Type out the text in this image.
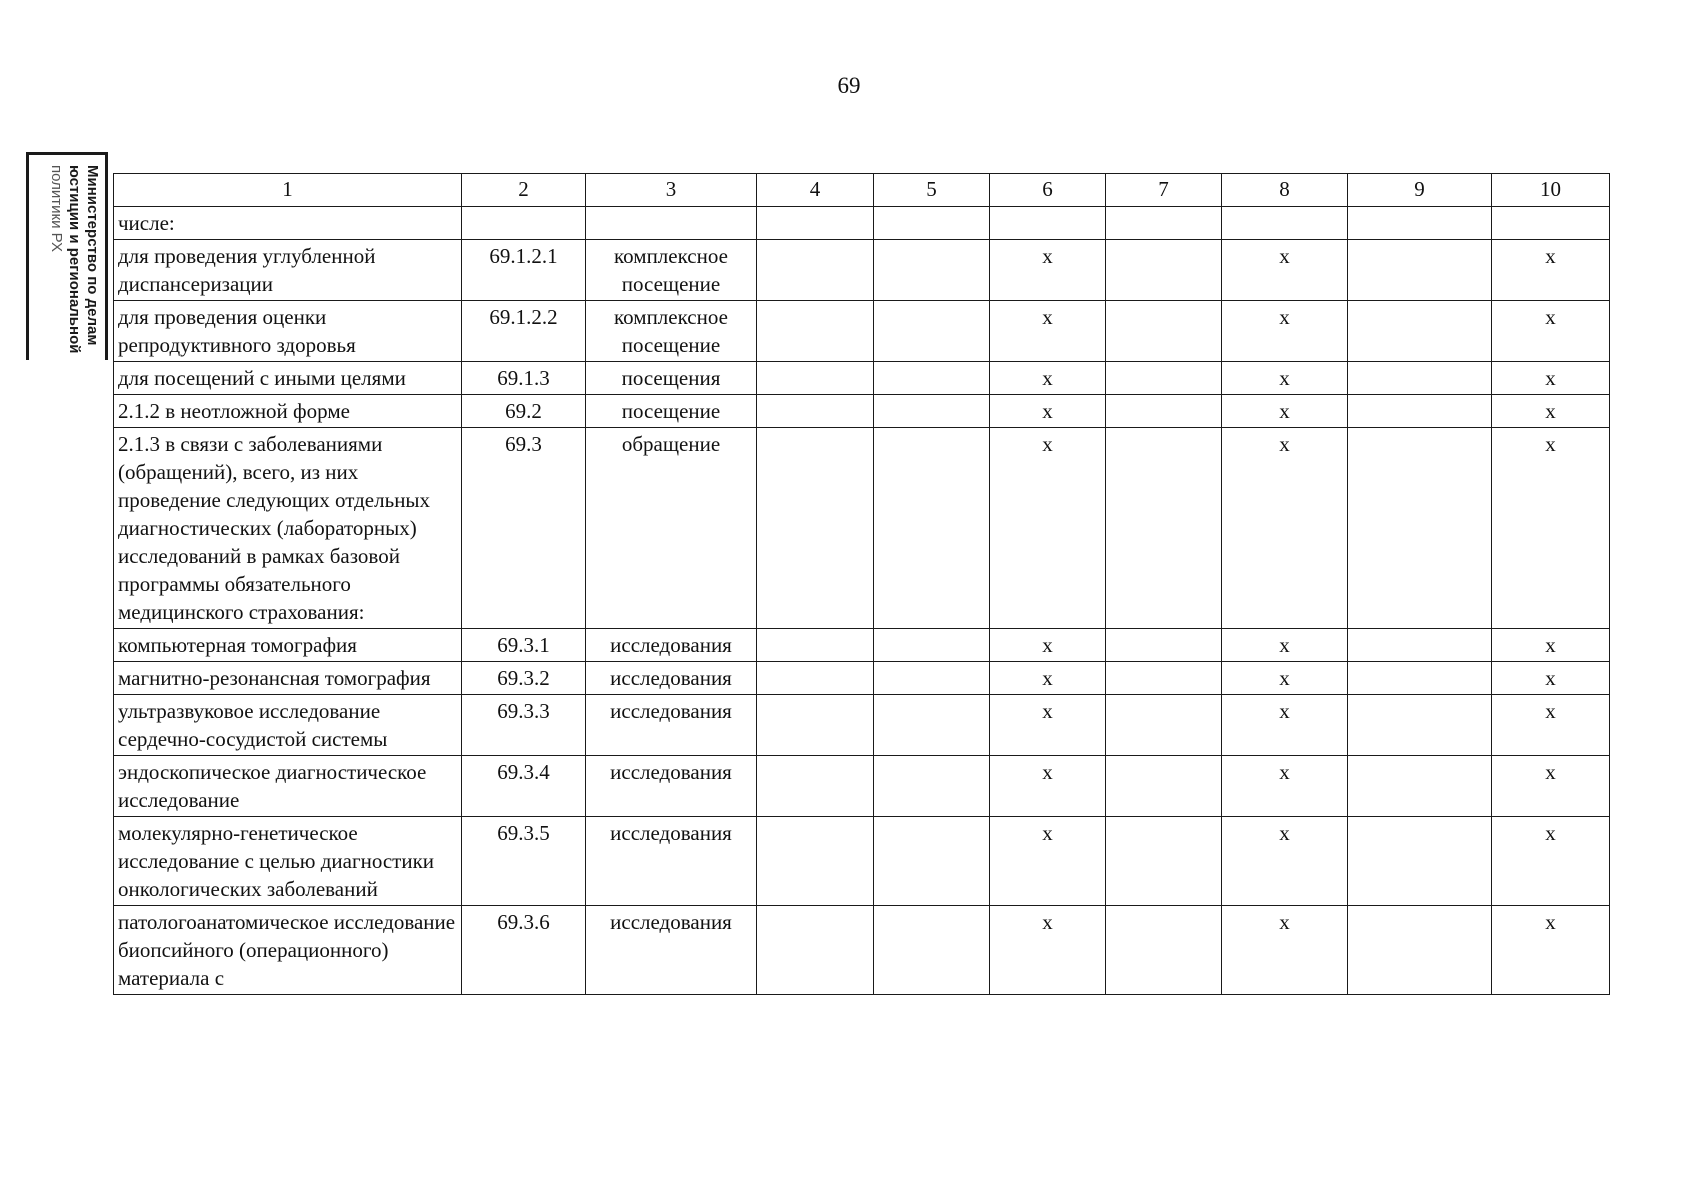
69
Министерство по делам
юстиции и региональной
политики РХ	1	2	3	4	5	6	7	8	9	10
числе:									
для проведения углубленной диспансеризации	69.1.2.1	комплексное посещение			х		х		х
для проведения оценки репродуктивного здоровья	69.1.2.2	комплексное посещение			х		х		х
для посещений с иными целями	69.1.3	посещения			х		х		х
2.1.2 в неотложной форме	69.2	посещение			х		х		х
2.1.3 в связи с заболеваниями (обращений), всего, из них проведение следующих отдельных диагностических (лабораторных) исследований в рамках базовой программы обязательного медицинского страхования:	69.3	обращение			х		х		х
компьютерная томография	69.3.1	исследования			х		х		х
магнитно-резонансная томография	69.3.2	исследования			х		х		х
ультразвуковое исследование сердечно-сосудистой системы	69.3.3	исследования			х		х		х
эндоскопическое диагностическое исследование	69.3.4	исследования			х		х		х
молекулярно-генетическое исследование с целью диагностики онкологических заболеваний	69.3.5	исследования			х		х		х
патологоанатомическое исследование биопсийного (операционного) материала с	69.3.6	исследования			х		х		х
